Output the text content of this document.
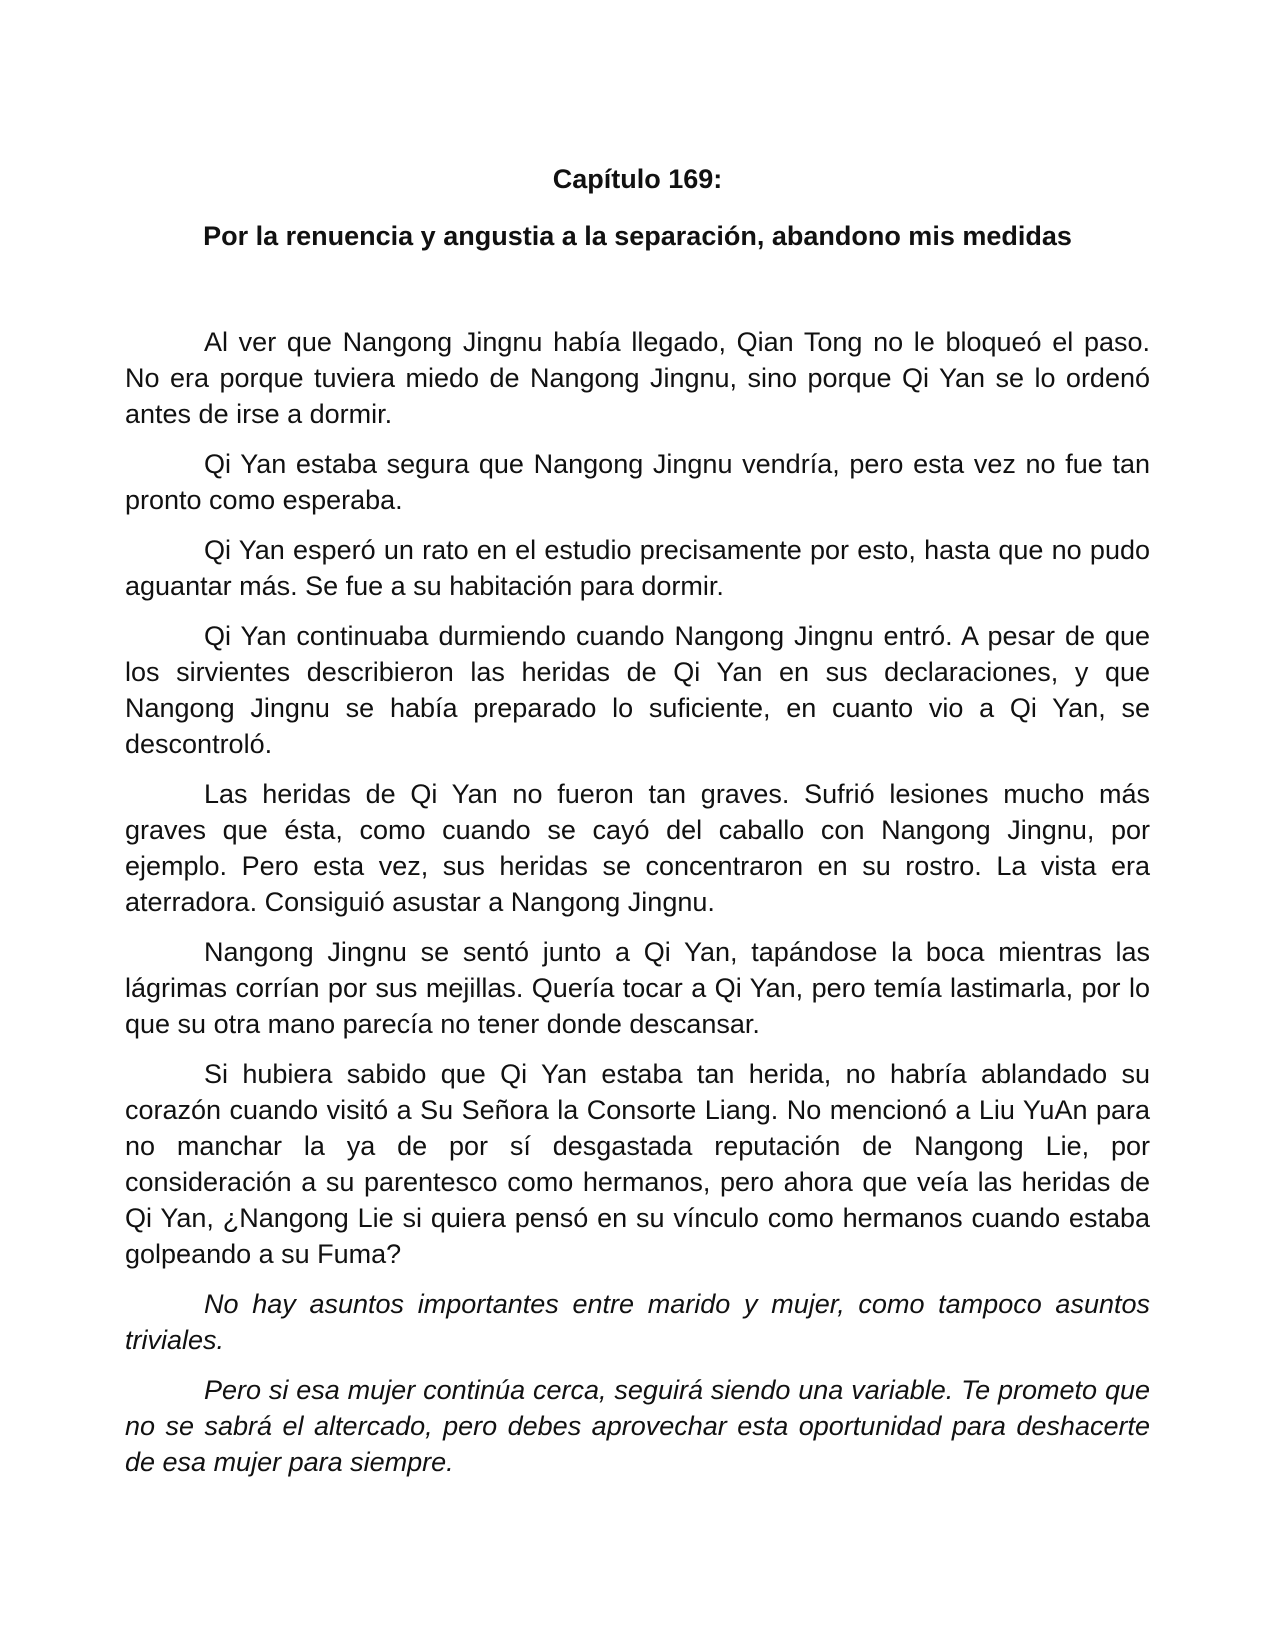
Capítulo 169:
Por la renuencia y angustia a la separación, abandono mis medidas

Al ver que Nangong Jingnu había llegado, Qian Tong no le bloqueó el paso. No era porque tuviera miedo de Nangong Jingnu, sino porque Qi Yan se lo ordenó antes de irse a dormir.

Qi Yan estaba segura que Nangong Jingnu vendría, pero esta vez no fue tan pronto como esperaba.

Qi Yan esperó un rato en el estudio precisamente por esto, hasta que no pudo aguantar más. Se fue a su habitación para dormir.

Qi Yan continuaba durmiendo cuando Nangong Jingnu entró. A pesar de que los sirvientes describieron las heridas de Qi Yan en sus declaraciones, y que Nangong Jingnu se había preparado lo suficiente, en cuanto vio a Qi Yan, se descontroló.

Las heridas de Qi Yan no fueron tan graves. Sufrió lesiones mucho más graves que ésta, como cuando se cayó del caballo con Nangong Jingnu, por ejemplo. Pero esta vez, sus heridas se concentraron en su rostro. La vista era aterradora. Consiguió asustar a Nangong Jingnu.

Nangong Jingnu se sentó junto a Qi Yan, tapándose la boca mientras las lágrimas corrían por sus mejillas. Quería tocar a Qi Yan, pero temía lastimarla, por lo que su otra mano parecía no tener donde descansar.

Si hubiera sabido que Qi Yan estaba tan herida, no habría ablandado su corazón cuando visitó a Su Señora la Consorte Liang. No mencionó a Liu YuAn para no manchar la ya de por sí desgastada reputación de Nangong Lie, por consideración a su parentesco como hermanos, pero ahora que veía las heridas de Qi Yan, ¿Nangong Lie si quiera pensó en su vínculo como hermanos cuando estaba golpeando a su Fuma?

No hay asuntos importantes entre marido y mujer, como tampoco asuntos triviales.

Pero si esa mujer continúa cerca, seguirá siendo una variable. Te prometo que no se sabrá el altercado, pero debes aprovechar esta oportunidad para deshacerte de esa mujer para siempre.
